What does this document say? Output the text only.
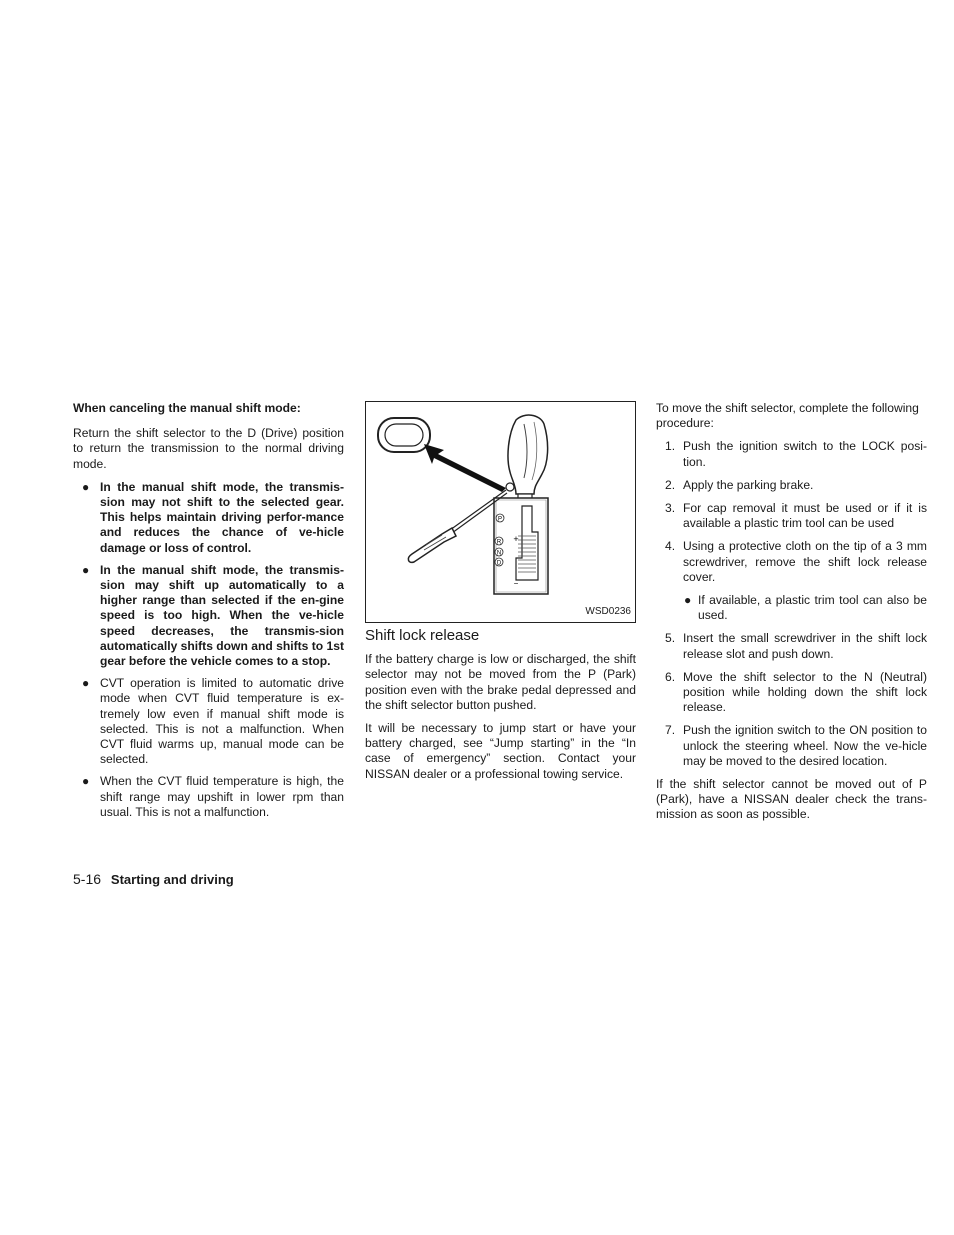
When canceling the manual shift mode:

Return the shift selector to the D (Drive) position to return the transmission to the normal driving mode.

● In the manual shift mode, the transmis-sion may not shift to the selected gear. This helps maintain driving perfor-mance and reduces the chance of ve-hicle damage or loss of control.
● In the manual shift mode, the transmis-sion may shift up automatically to a higher range than selected if the en-gine speed is too high. When the ve-hicle speed decreases, the transmis-sion automatically shifts down and shifts to 1st gear before the vehicle comes to a stop.
● CVT operation is limited to automatic drive mode when CVT fluid temperature is ex-tremely low even if manual shift mode is selected. This is not a malfunction. When CVT fluid warms up, manual mode can be selected.
● When the CVT fluid temperature is high, the shift range may upshift in lower rpm than usual. This is not a malfunction.
P
R
N
D
+
−
WSD0236

Shift lock release

If the battery charge is low or discharged, the shift selector may not be moved from the P (Park) position even with the brake pedal depressed and the shift selector button pushed.

It will be necessary to jump start or have your battery charged, see “Jump starting” in the “In case of emergency” section. Contact your NISSAN dealer or a professional towing service.

To move the shift selector, complete the following procedure:

1. Push the ignition switch to the LOCK posi-tion.
2. Apply the parking brake.
3. For cap removal it must be used or if it is available a plastic trim tool can be used
4. Using a protective cloth on the tip of a 3 mm screwdriver, remove the shift lock release cover.

● If available, a plastic trim tool can also be used.

5. Insert the small screwdriver in the shift lock release slot and push down.
6. Move the shift selector to the N (Neutral) position while holding down the shift lock release.
7. Push the ignition switch to the ON position to unlock the steering wheel. Now the ve-hicle may be moved to the desired location.

If the shift selector cannot be moved out of P (Park), have a NISSAN dealer check the trans-mission as soon as possible.

5-16 Starting and driving
